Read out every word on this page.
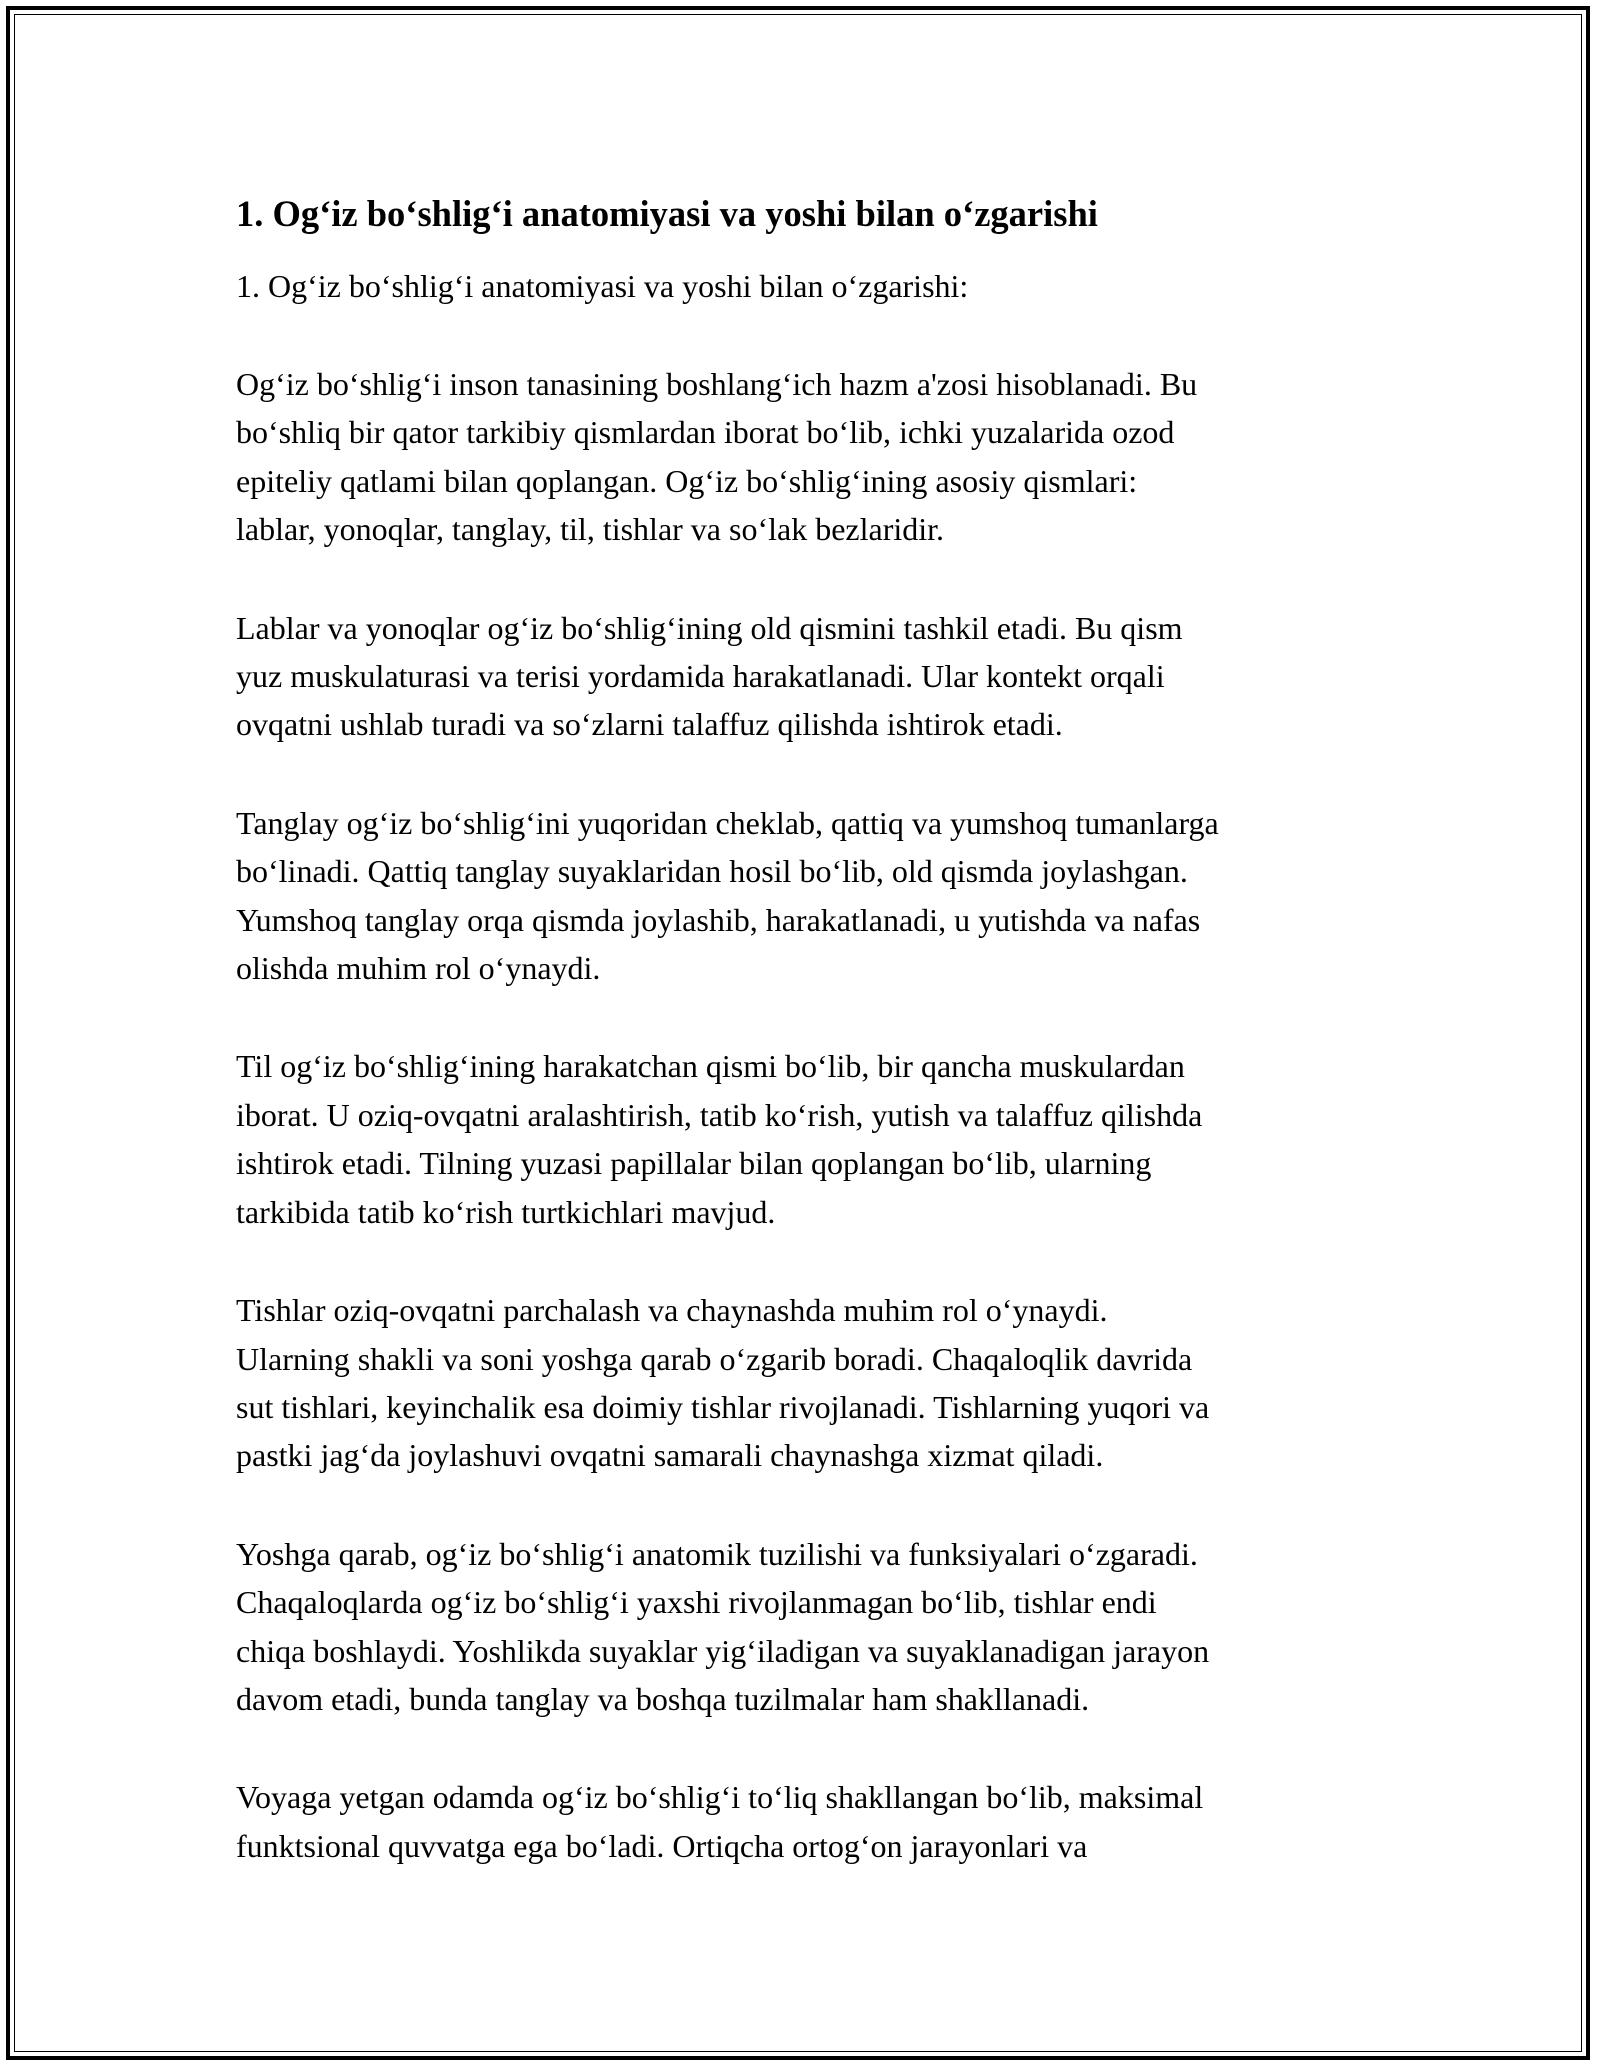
1. Og‘iz bo‘shlig‘i anatomiyasi va yoshi bilan o‘zgarishi

1. Og‘iz bo‘shlig‘i anatomiyasi va yoshi bilan o‘zgarishi:

Og‘iz bo‘shlig‘i inson tanasining boshlang‘ich hazm a'zosi hisoblanadi. Bu
bo‘shliq bir qator tarkibiy qismlardan iborat bo‘lib, ichki yuzalarida ozod
epiteliy qatlami bilan qoplangan. Og‘iz bo‘shlig‘ining asosiy qismlari:
lablar, yonoqlar, tanglay, til, tishlar va so‘lak bezlaridir.

Lablar va yonoqlar og‘iz bo‘shlig‘ining old qismini tashkil etadi. Bu qism
yuz muskulaturasi va terisi yordamida harakatlanadi. Ular kontekt orqali
ovqatni ushlab turadi va so‘zlarni talaffuz qilishda ishtirok etadi.

Tanglay og‘iz bo‘shlig‘ini yuqoridan cheklab, qattiq va yumshoq tumanlarga
bo‘linadi. Qattiq tanglay suyaklaridan hosil bo‘lib, old qismda joylashgan.
Yumshoq tanglay orqa qismda joylashib, harakatlanadi, u yutishda va nafas
olishda muhim rol o‘ynaydi.

Til og‘iz bo‘shlig‘ining harakatchan qismi bo‘lib, bir qancha muskulardan
iborat. U oziq-ovqatni aralashtirish, tatib ko‘rish, yutish va talaffuz qilishda
ishtirok etadi. Tilning yuzasi papillalar bilan qoplangan bo‘lib, ularning
tarkibida tatib ko‘rish turtkichlari mavjud.

Tishlar oziq-ovqatni parchalash va chaynashda muhim rol o‘ynaydi.
Ularning shakli va soni yoshga qarab o‘zgarib boradi. Chaqaloqlik davrida
sut tishlari, keyinchalik esa doimiy tishlar rivojlanadi. Tishlarning yuqori va
pastki jag‘da joylashuvi ovqatni samarali chaynashga xizmat qiladi.

Yoshga qarab, og‘iz bo‘shlig‘i anatomik tuzilishi va funksiyalari o‘zgaradi.
Chaqaloqlarda og‘iz bo‘shlig‘i yaxshi rivojlanmagan bo‘lib, tishlar endi
chiqa boshlaydi. Yoshlikda suyaklar yig‘iladigan va suyaklanadigan jarayon
davom etadi, bunda tanglay va boshqa tuzilmalar ham shakllanadi.

Voyaga yetgan odamda og‘iz bo‘shlig‘i to‘liq shakllangan bo‘lib, maksimal
funktsional quvvatga ega bo‘ladi. Ortiqcha ortog‘on jarayonlari va
